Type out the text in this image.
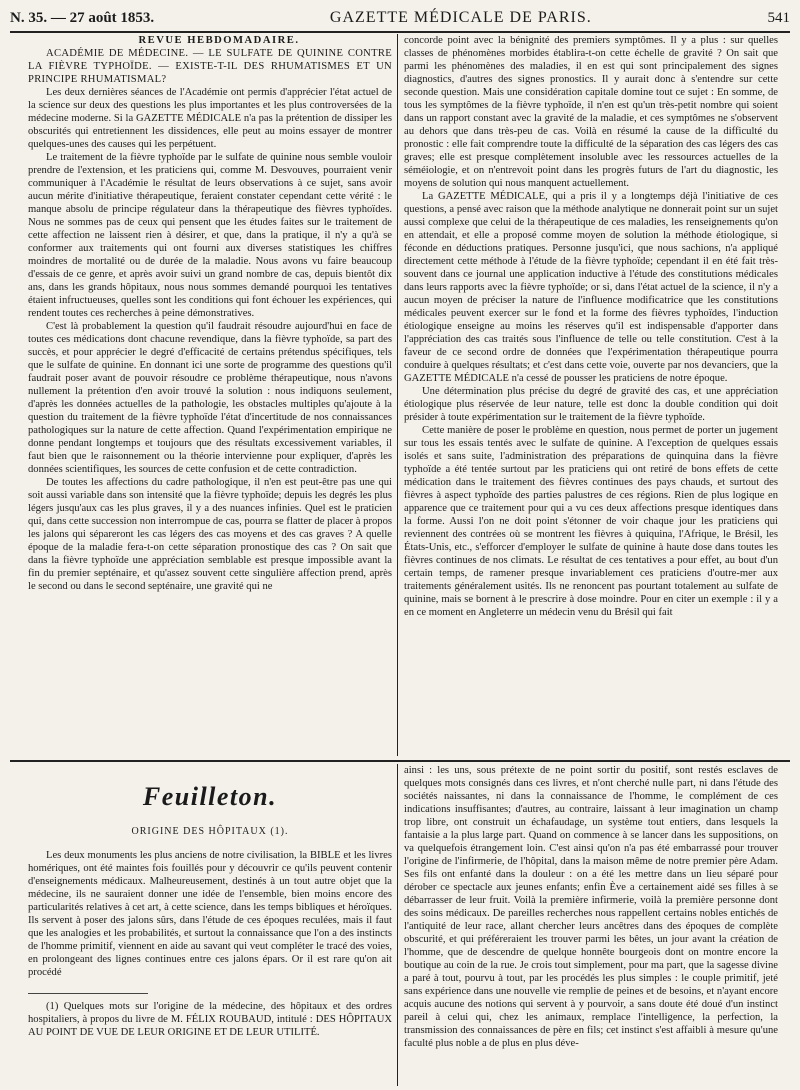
N. 35. — 27 août 1853.	GAZETTE MÉDICALE DE PARIS.	541

REVUE HEBDOMADAIRE.

ACADÉMIE DE MÉDECINE. — LE SULFATE DE QUININE CONTRE LA FIÈVRE TYPHOÏDE. — EXISTE-T-IL DES RHUMATISMES ET UN PRINCIPE RHUMATISMAL?

Les deux dernières séances de l'Académie ont permis d'apprécier l'état actuel de la science sur deux des questions les plus importantes et les plus controversées de la médecine moderne. Si la GAZETTE MÉDICALE n'a pas la prétention de dissiper les obscurités qui entretiennent les dissidences, elle peut au moins essayer de montrer quelques-unes des causes qui les perpétuent.

Le traitement de la fièvre typhoïde par le sulfate de quinine nous semble vouloir prendre de l'extension, et les praticiens qui, comme M. Desvouves, pourraient venir communiquer à l'Académie le résultat de leurs observations à ce sujet, sans avoir aucun mérite d'initiative thérapeutique, feraient constater cependant cette vérité : le manque absolu de principe régulateur dans la thérapeutique des fièvres typhoïdes. Nous ne sommes pas de ceux qui pensent que les études faites sur le traitement de cette affection ne laissent rien à désirer, et que, dans la pratique, il n'y a qu'à se conformer aux traitements qui ont fourni aux diverses statistiques les chiffres moindres de mortalité ou de durée de la maladie. Nous avons vu faire beaucoup d'essais de ce genre, et après avoir suivi un grand nombre de cas, depuis bientôt dix ans, dans les grands hôpitaux, nous nous sommes demandé pourquoi les tentatives étaient infructueuses, quelles sont les conditions qui font échouer les expériences, qui rendent toutes ces recherches à peine démonstratives.

C'est là probablement la question qu'il faudrait résoudre aujourd'hui en face de toutes ces médications dont chacune revendique, dans la fièvre typhoïde, sa part des succès, et pour apprécier le degré d'efficacité de certains prétendus spécifiques, tels que le sulfate de quinine. En donnant ici une sorte de programme des questions qu'il faudrait poser avant de pouvoir résoudre ce problème thérapeutique, nous n'avons nullement la prétention d'en avoir trouvé la solution : nous indiquons seulement, d'après les données actuelles de la pathologie, les obstacles multiples qu'ajoute à la question du traitement de la fièvre typhoïde l'état d'incertitude de nos connaissances pathologiques sur la nature de cette affection. Quand l'expérimentation empirique ne donne pendant longtemps et toujours que des résultats excessivement variables, il faut bien que le raisonnement ou la théorie intervienne pour expliquer, d'après les données scientifiques, les sources de cette confusion et de cette contradiction.

De toutes les affections du cadre pathologique, il n'en est peut-être pas une qui soit aussi variable dans son intensité que la fièvre typhoïde; depuis les degrés les plus légers jusqu'aux cas les plus graves, il y a des nuances infinies. Quel est le praticien qui, dans cette succession non interrompue de cas, pourra se flatter de placer à propos les jalons qui sépareront les cas légers des cas moyens et des cas graves ? A quelle époque de la maladie fera-t-on cette séparation pronostique des cas ? On sait que dans la fièvre typhoïde une appréciation semblable est presque impossible avant la fin du premier septénaire, et qu'assez souvent cette singulière affection prend, après le second ou dans le second septénaire, une gravité qui ne

concorde point avec la bénignité des premiers symptômes. Il y a plus : sur quelles classes de phénomènes morbides établira-t-on cette échelle de gravité ? On sait que parmi les phénomènes des maladies, il en est qui sont principalement des signes diagnostics, d'autres des signes pronostics. Il y aurait donc à s'entendre sur cette seconde question. Mais une considération capitale domine tout ce sujet : En somme, de tous les symptômes de la fièvre typhoïde, il n'en est qu'un très-petit nombre qui soient dans un rapport constant avec la gravité de la maladie, et ces symptômes ne s'observent au dehors que dans très-peu de cas. Voilà en résumé la cause de la difficulté du pronostic : elle fait comprendre toute la difficulté de la séparation des cas légers des cas graves; elle est presque complètement insoluble avec les ressources actuelles de la séméiologie, et on n'entrevoit point dans les progrès futurs de l'art du diagnostic, les moyens de solution qui nous manquent actuellement.

La GAZETTE MÉDICALE, qui a pris il y a longtemps déjà l'initiative de ces questions, a pensé avec raison que la méthode analytique ne donnerait point sur un sujet aussi complexe que celui de la thérapeutique de ces maladies, les renseignements qu'on en attendait, et elle a proposé comme moyen de solution la méthode étiologique, si féconde en déductions pratiques. Personne jusqu'ici, que nous sachions, n'a appliqué directement cette méthode à l'étude de la fièvre typhoïde; cependant il en été fait très-souvent dans ce journal une application inductive à l'étude des constitutions médicales dans leurs rapports avec la fièvre typhoïde; or si, dans l'état actuel de la science, il n'y a aucun moyen de préciser la nature de l'influence modificatrice que les constitutions médicales peuvent exercer sur le fond et la forme des fièvres typhoïdes, l'induction étiologique enseigne au moins les réserves qu'il est indispensable d'apporter dans l'appréciation des cas traités sous l'influence de telle ou telle constitution. C'est à la faveur de ce second ordre de données que l'expérimentation thérapeutique pourra conduire à quelques résultats; et c'est dans cette voie, ouverte par nos devanciers, que la GAZETTE MÉDICALE n'a cessé de pousser les praticiens de notre époque.

Une détermination plus précise du degré de gravité des cas, et une appréciation étiologique plus réservée de leur nature, telle est donc la double condition qui doit présider à toute expérimentation sur le traitement de la fièvre typhoïde.

Cette manière de poser le problème en question, nous permet de porter un jugement sur tous les essais tentés avec le sulfate de quinine. A l'exception de quelques essais isolés et sans suite, l'administration des préparations de quinquina dans la fièvre typhoïde a été tentée surtout par les praticiens qui ont retiré de bons effets de cette médication dans le traitement des fièvres continues des pays chauds, et surtout des fièvres à aspect typhoïde des parties palustres de ces régions. Rien de plus logique en apparence que ce traitement pour qui a vu ces deux affections presque identiques dans la forme. Aussi l'on ne doit point s'étonner de voir chaque jour les praticiens qui reviennent des contrées où se montrent les fièvres à quiquina, l'Afrique, le Brésil, les États-Unis, etc., s'efforcer d'employer le sulfate de quinine à haute dose dans toutes les fièvres continues de nos climats. Le résultat de ces tentatives a pour effet, au bout d'un certain temps, de ramener presque invariablement ces praticiens d'outre-mer aux traitements généralement usités. Ils ne renoncent pas pourtant totalement au sulfate de quinine, mais se bornent à le prescrire à dose moindre. Pour en citer un exemple : il y a en ce moment en Angleterre un médecin venu du Brésil qui fait

Feuilleton.
ORIGINE DES HÔPITAUX (1).

Les deux monuments les plus anciens de notre civilisation, la BIBLE et les livres homériques, ont été maintes fois fouillés pour y découvrir ce qu'ils peuvent contenir d'enseignements médicaux. Malheureusement, destinés à un tout autre objet que la médecine, ils ne sauraient donner une idée de l'ensemble, bien moins encore des particularités relatives à cet art, à cette science, dans les temps bibliques et héroïques. Ils servent à poser des jalons sûrs, dans l'étude de ces époques reculées, mais il faut que les analogies et les probabilités, et surtout la connaissance que l'on a des instincts de l'homme primitif, viennent en aide au savant qui veut compléter le tracé des voies, en prolongeant des lignes continues entre ces jalons épars. Or il est rare qu'on ait procédé

(1) Quelques mots sur l'origine de la médecine, des hôpitaux et des ordres hospitaliers, à propos du livre de M. FÉLIX ROUBAUD, intitulé : DES HÔPITAUX AU POINT DE VUE DE LEUR ORIGINE ET DE LEUR UTILITÉ.

ainsi : les uns, sous prétexte de ne point sortir du positif, sont restés esclaves de quelques mots consignés dans ces livres, et n'ont cherché nulle part, ni dans l'étude des sociétés naissantes, ni dans la connaissance de l'homme, le complément de ces indications insuffisantes; d'autres, au contraire, laissant à leur imagination un champ trop libre, ont construit un échafaudage, un système tout entiers, dans lesquels la fantaisie a la plus large part. Quand on commence à se lancer dans les suppositions, on va quelquefois étrangement loin. C'est ainsi qu'on n'a pas été embarrassé pour trouver l'origine de l'infirmerie, de l'hôpital, dans la maison même de notre premier père Adam. Ses fils ont enfanté dans la douleur : on a été les mettre dans un lieu séparé pour dérober ce spectacle aux jeunes enfants; enfin Ève a certainement aidé ses filles à se débarrasser de leur fruit. Voilà la première infirmerie, voilà la première personne dont des soins médicaux. De pareilles recherches nous rappellent certains nobles entichés de l'antiquité de leur race, allant chercher leurs ancêtres dans des époques de complète obscurité, et qui préféreraient les trouver parmi les bêtes, un jour avant la création de l'homme, que de descendre de quelque honnête bourgeois dont on montre encore la boutique au coin de la rue. Je crois tout simplement, pour ma part, que la sagesse divine a paré à tout, pourvu à tout, par les procédés les plus simples : le couple primitif, jeté sans expérience dans une nouvelle vie remplie de peines et de besoins, et n'ayant encore acquis aucune des notions qui servent à y pourvoir, a sans doute été doué d'un instinct pareil à celui qui, chez les animaux, remplace l'intelligence, la perfection, la transmission des connaissances de père en fils; cet instinct s'est affaibli à mesure qu'une faculté plus noble a de plus en plus déve-
